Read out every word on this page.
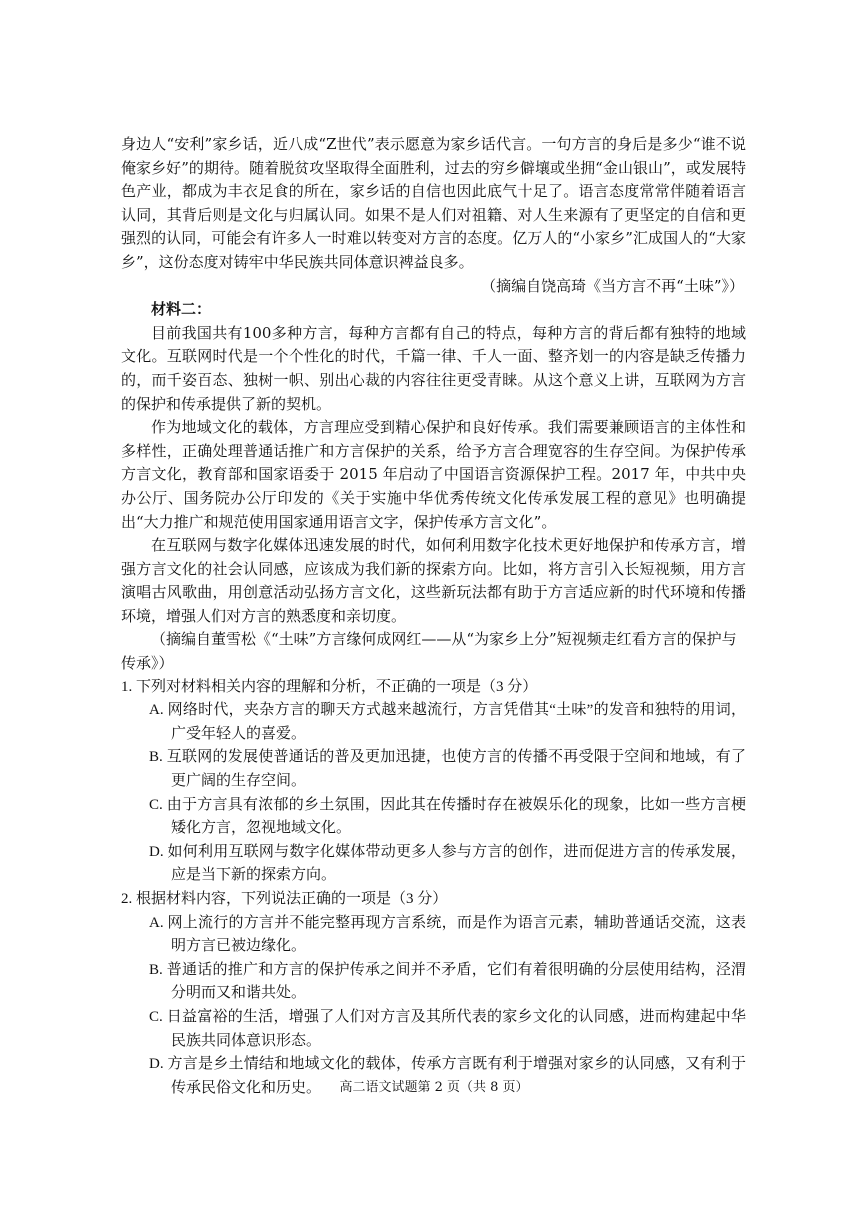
身边人“安利”家乡话，近八成“Z世代”表示愿意为家乡话代言。一句方言的身后是多少“谁不说俺家乡好”的期待。随着脱贫攻坚取得全面胜利，过去的穷乡僻壤或坐拥“金山银山”，或发展特色产业，都成为丰衣足食的所在，家乡话的自信也因此底气十足了。语言态度常常伴随着语言认同，其背后则是文化与归属认同。如果不是人们对祖籍、对人生来源有了更坚定的自信和更强烈的认同，可能会有许多人一时难以转变对方言的态度。亿万人的“小家乡”汇成国人的“大家乡”，这份态度对铸牢中华民族共同体意识裨益良多。

（摘编自饶高琦《当方言不再“土味”》）

材料二：

目前我国共有100多种方言，每种方言都有自己的特点，每种方言的背后都有独特的地域文化。互联网时代是一个个性化的时代，千篇一律、千人一面、整齐划一的内容是缺乏传播力的，而千姿百态、独树一帜、别出心裁的内容往往更受青睐。从这个意义上讲，互联网为方言的保护和传承提供了新的契机。

作为地域文化的载体，方言理应受到精心保护和良好传承。我们需要兼顾语言的主体性和多样性，正确处理普通话推广和方言保护的关系，给予方言合理宽容的生存空间。为保护传承方言文化，教育部和国家语委于 2015 年启动了中国语言资源保护工程。2017 年，中共中央办公厅、国务院办公厅印发的《关于实施中华优秀传统文化传承发展工程的意见》也明确提出“大力推广和规范使用国家通用语言文字，保护传承方言文化”。

在互联网与数字化媒体迅速发展的时代，如何利用数字化技术更好地保护和传承方言，增强方言文化的社会认同感，应该成为我们新的探索方向。比如，将方言引入长短视频，用方言演唱古风歌曲，用创意活动弘扬方言文化，这些新玩法都有助于方言适应新的时代环境和传播环境，增强人们对方言的熟悉度和亲切度。

（摘编自董雪松《“土味”方言缘何成网红——从“为家乡上分”短视频走红看方言的保护与传承》）

1. 下列对材料相关内容的理解和分析，不正确的一项是（3 分）

A. 网络时代，夹杂方言的聊天方式越来越流行，方言凭借其“土味”的发音和独特的用词，广受年轻人的喜爱。

B. 互联网的发展使普通话的普及更加迅捷，也使方言的传播不再受限于空间和地域，有了更广阔的生存空间。

C. 由于方言具有浓郁的乡土氛围，因此其在传播时存在被娱乐化的现象，比如一些方言梗矮化方言，忽视地域文化。

D. 如何利用互联网与数字化媒体带动更多人参与方言的创作，进而促进方言的传承发展，应是当下新的探索方向。

2. 根据材料内容，下列说法正确的一项是（3 分）

A. 网上流行的方言并不能完整再现方言系统，而是作为语言元素，辅助普通话交流，这表明方言已被边缘化。

B. 普通话的推广和方言的保护传承之间并不矛盾，它们有着很明确的分层使用结构，泾渭分明而又和谐共处。

C. 日益富裕的生活，增强了人们对方言及其所代表的家乡文化的认同感，进而构建起中华民族共同体意识形态。

D. 方言是乡土情结和地域文化的载体，传承方言既有利于增强对家乡的认同感，又有利于传承民俗文化和历史。	高二语文试题第 2 页（共 8 页）
